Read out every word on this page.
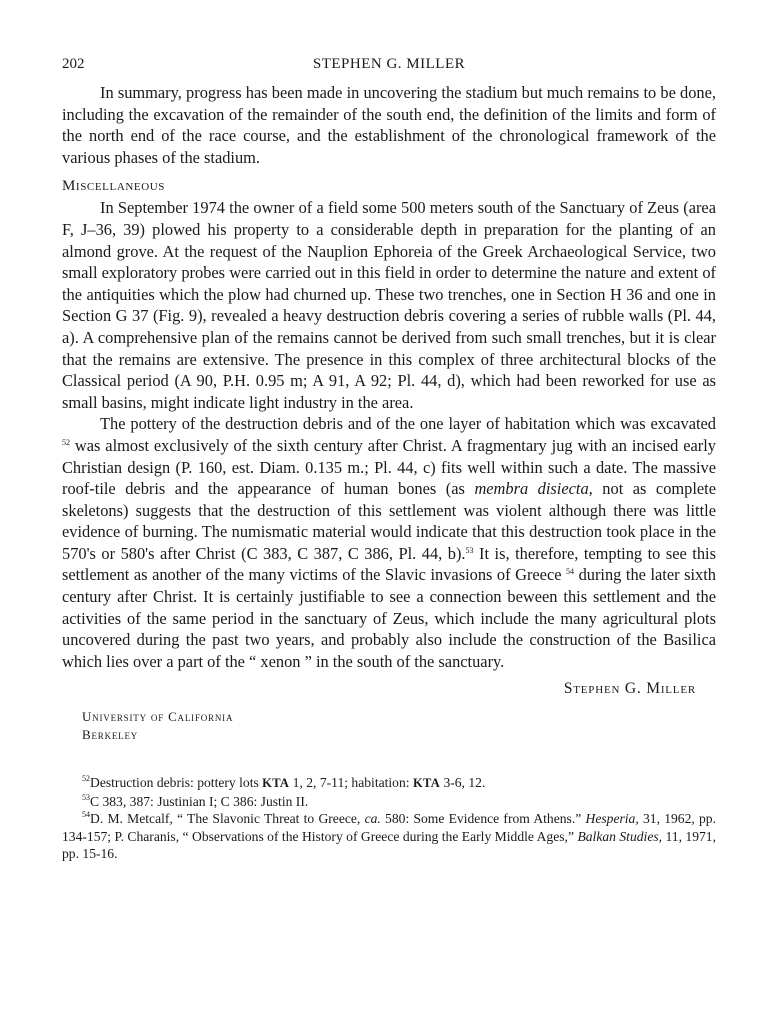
202	STEPHEN G. MILLER

In summary, progress has been made in uncovering the stadium but much remains to be done, including the excavation of the remainder of the south end, the definition of the limits and form of the north end of the race course, and the establishment of the chronological framework of the various phases of the stadium.

Miscellaneous

In September 1974 the owner of a field some 500 meters south of the Sanctuary of Zeus (area F, J–36, 39) plowed his property to a considerable depth in preparation for the planting of an almond grove. At the request of the Nauplion Ephoreia of the Greek Archaeological Service, two small exploratory probes were carried out in this field in order to determine the nature and extent of the antiquities which the plow had churned up. These two trenches, one in Section H 36 and one in Section G 37 (Fig. 9), revealed a heavy destruction debris covering a series of rubble walls (Pl. 44, a). A comprehensive plan of the remains cannot be derived from such small trenches, but it is clear that the remains are extensive. The presence in this complex of three architectural blocks of the Classical period (A 90, P.H. 0.95 m; A 91, A 92; Pl. 44, d), which had been reworked for use as small basins, might indicate light industry in the area.

The pottery of the destruction debris and of the one layer of habitation which was excavated $^{52}$ was almost exclusively of the sixth century after Christ. A fragmentary jug with an incised early Christian design (P. 160, est. Diam. 0.135 m.; Pl. 44, c) fits well within such a date. The massive roof-tile debris and the appearance of human bones (as membra disiecta, not as complete skeletons) suggests that the destruction of this settlement was violent although there was little evidence of burning. The numismatic material would indicate that this destruction took place in the 570's or 580's after Christ (C 383, C 387, C 386, Pl. 44, b).$^{53}$ It is, therefore, tempting to see this settlement as another of the many victims of the Slavic invasions of Greece $^{54}$ during the later sixth century after Christ. It is certainly justifiable to see a connection beween this settlement and the activities of the same period in the sanctuary of Zeus, which include the many agricultural plots uncovered during the past two years, and probably also include the construction of the Basilica which lies over a part of the “ xenon ” in the south of the sanctuary.

Stephen G. Miller
University of California
Berkeley

$^{52}$Destruction debris: pottery lots KTA 1, 2, 7-11; habitation: KTA 3-6, 12.

$^{53}$C 383, 387: Justinian I; C 386: Justin II.

$^{54}$D. M. Metcalf, “ The Slavonic Threat to Greece, ca. 580: Some Evidence from Athens.” Hesperia, 31, 1962, pp. 134-157; P. Charanis, “ Observations of the History of Greece during the Early Middle Ages,” Balkan Studies, 11, 1971, pp. 15-16.
